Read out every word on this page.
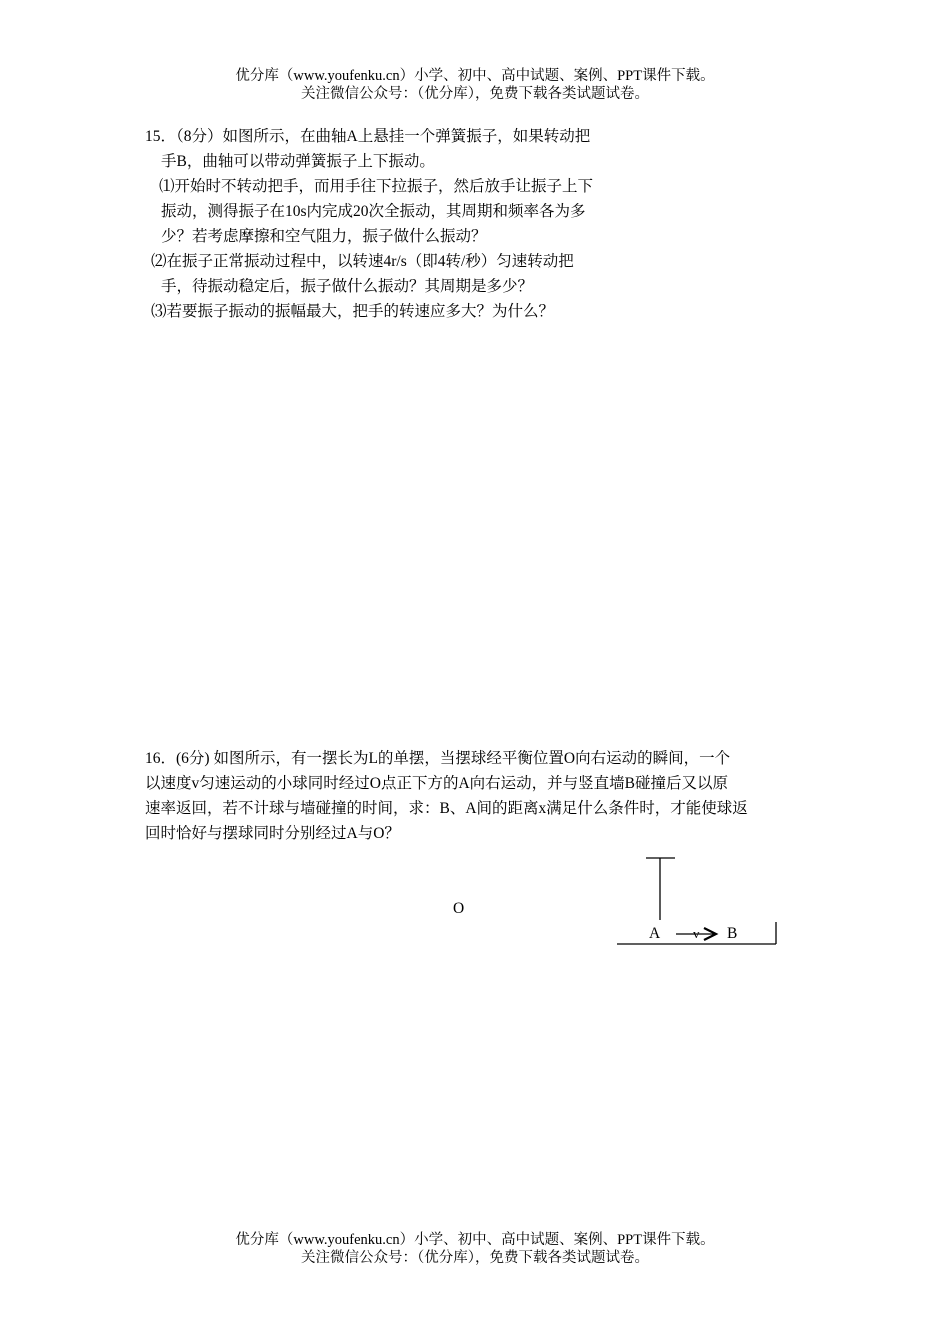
优分库（www.youfenku.cn）小学、初中、高中试题、案例、PPT课件下载。
关注微信公众号：（优分库），免费下载各类试题试卷。
15．（8分）如图所示，在曲轴A上悬挂一个弹簧振子，如果转动把
手B，曲轴可以带动弹簧振子上下振动。
⑴开始时不转动把手，而用手往下拉振子，然后放手让振子上下
振动，测得振子在10s内完成20次全振动，其周期和频率各为多
少？若考虑摩擦和空气阻力，振子做什么振动？
⑵在振子正常振动过程中，以转速4r/s（即4转/秒）匀速转动把
手，待振动稳定后，振子做什么振动？其周期是多少？
⑶若要振子振动的振幅最大，把手的转速应多大？为什么？
16．(6分) 如图所示，有一摆长为L的单摆，当摆球经平衡位置O向右运动的瞬间，一个
以速度v匀速运动的小球同时经过O点正下方的A向右运动，并与竖直墙B碰撞后又以原
速率返回，若不计球与墙碰撞的时间，求：B、A间的距离x满足什么条件时，才能使球返
回时恰好与摆球同时分别经过A与O？
O
A	v B
优分库（www.youfenku.cn）小学、初中、高中试题、案例、PPT课件下载。
关注微信公众号：（优分库），免费下载各类试题试卷。
